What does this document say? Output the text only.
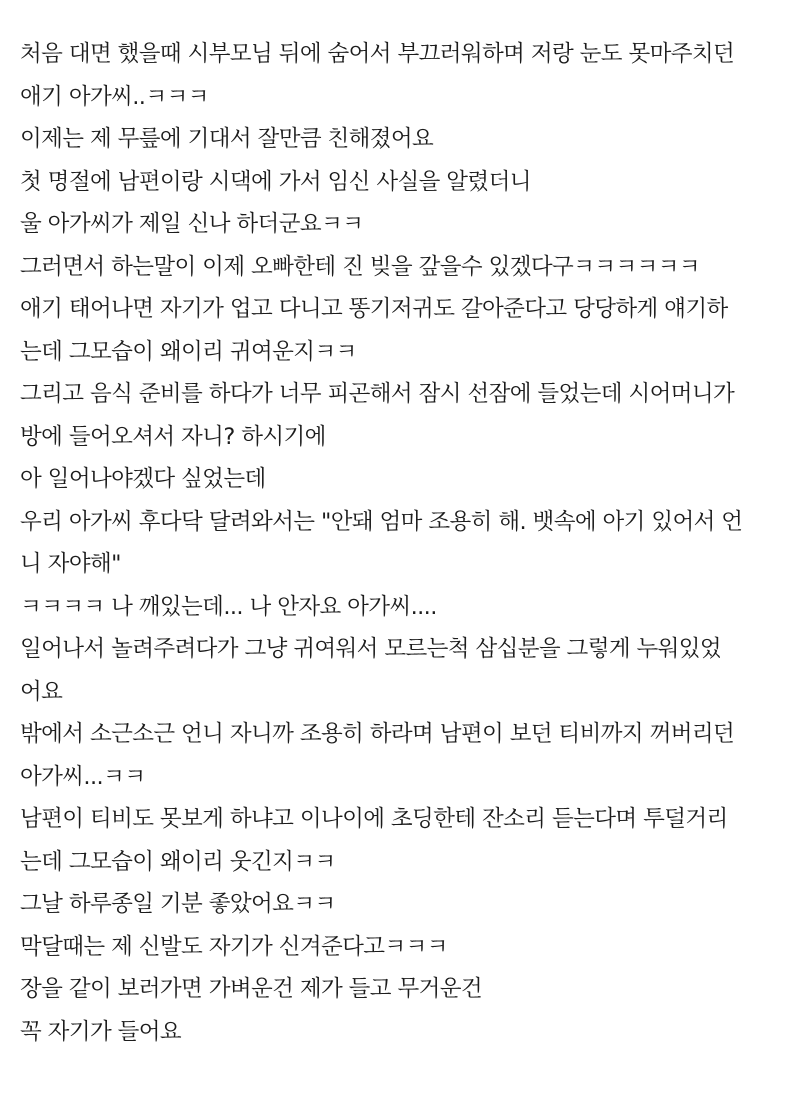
처음 대면 했을때 시부모님 뒤에 숨어서 부끄러워하며 저랑 눈도 못마주치던
애기 아가씨..ㅋㅋㅋ
이제는 제 무릎에 기대서 잘만큼 친해졌어요
첫 명절에 남편이랑 시댁에 가서 임신 사실을 알렸더니
울 아가씨가 제일 신나 하더군요ㅋㅋ
그러면서 하는말이 이제 오빠한테 진 빚을 갚을수 있겠다구ㅋㅋㅋㅋㅋㅋ
애기 태어나면 자기가 업고 다니고 똥기저귀도 갈아준다고 당당하게 얘기하
는데 그모습이 왜이리 귀여운지ㅋㅋ
그리고 음식 준비를 하다가 너무 피곤해서 잠시 선잠에 들었는데 시어머니가
방에 들어오셔서 자니? 하시기에
아 일어나야겠다 싶었는데
우리 아가씨 후다닥 달려와서는 "안돼 엄마 조용히 해. 뱃속에 아기 있어서 언
니 자야해"
ㅋㅋㅋㅋ 나 깨있는데... 나 안자요 아가씨....
일어나서 놀려주려다가 그냥 귀여워서 모르는척 삼십분을 그렇게 누워있었
어요
밖에서 소근소근 언니 자니까 조용히 하라며 남편이 보던 티비까지 꺼버리던
아가씨...ㅋㅋ
남편이 티비도 못보게 하냐고 이나이에 초딩한테 잔소리 듣는다며 투덜거리
는데 그모습이 왜이리 웃긴지ㅋㅋ
그날 하루종일 기분 좋았어요ㅋㅋ
막달때는 제 신발도 자기가 신겨준다고ㅋㅋㅋ
장을 같이 보러가면 가벼운건 제가 들고 무거운건
꼭 자기가 들어요
